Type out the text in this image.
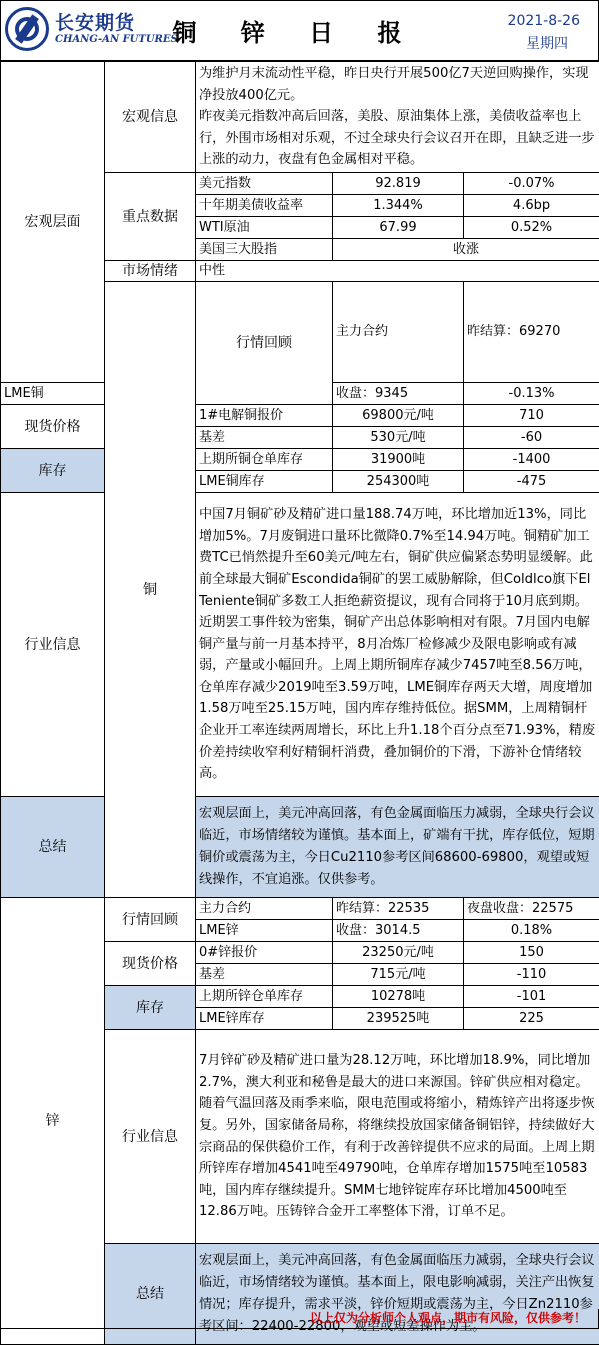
长安期货
CHANG-AN FUTURES
铜 锌 日 报	2021-8-26
星期四
宏观层面	宏观信息	为维护月末流动性平稳，昨日央行开展500亿7天逆回购操作，实现净投放400亿元。
昨夜美元指数冲高后回落，美股、原油集体上涨，美债收益率也上行，外围市场相对乐观，不过全球央行会议召开在即，且缺乏进一步上涨的动力，夜盘有色金属相对平稳。			
	重点数据	美元指数	92.819	-0.07%	
		十年期美债收益率	1.344%	4.6bp	
		WTI原油	67.99	0.52%	
		美国三大股指	收涨		
	市场情绪	中性			
	铜	行情回顾	主力合约	昨结算：69270	
LME铜			收盘：9345	-0.13%	
现货价格		1#电解铜报价	69800元/吨	710	
		基差	530元/吨	-60	
库存		上期所铜仓单库存	31900吨	-1400	
		LME铜库存	254300吨	-475	
行业信息		中国7月铜矿砂及精矿进口量188.74万吨，环比增加近13%，同比增加5%。7月废铜进口量环比微降0.7%至14.94万吨。铜精矿加工费TC已悄然提升至60美元/吨左右，铜矿供应偏紧态势明显缓解。此前全球最大铜矿Escondida铜矿的罢工威胁解除，但Coldlco旗下El Teniente铜矿多数工人拒绝薪资提议，现有合同将于10月底到期。近期罢工事件较为密集，铜矿产出总体影响相对有限。7月国内电解铜产量与前一月基本持平，8月冶炼厂检修减少及限电影响或有减弱，产量或小幅回升。上周上期所铜库存减少7457吨至8.56万吨，仓单库存减少2019吨至3.59万吨，LME铜库存两天大增，周度增加1.58万吨至25.15万吨，国内库存维持低位。据SMM，上周精铜杆企业开工率连续两周增长，环比上升1.18个百分点至71.93%，精废价差持续收窄利好精铜杆消费，叠加铜价的下滑，下游补仓情绪较高。			
总结		宏观层面上，美元冲高回落，有色金属面临压力减弱，全球央行会议临近，市场情绪较为谨慎。基本面上，矿端有干扰，库存低位，短期铜价或震荡为主，今日Cu2110参考区间68600-69800，观望或短线操作，不宜追涨。仅供参考。			
锌	行情回顾	主力合约	昨结算：22535	夜盘收盘：22575	
		LME锌	收盘：3014.5	0.18%	
	现货价格	0#锌报价	23250元/吨	150	
		基差	715元/吨	-110	
	库存	上期所锌仓单库存	10278吨	-101	
		LME锌库存	239525吨	225	
	行业信息	7月锌矿砂及精矿进口量为28.12万吨，环比增加18.9%，同比增加2.7%，澳大利亚和秘鲁是最大的进口来源国。锌矿供应相对稳定。随着气温回落及雨季来临，限电范围或将缩小，精炼锌产出将逐步恢复。另外，国家储备局称，将继续投放国家储备铜铝锌，持续做好大宗商品的保供稳价工作，有利于改善锌提供不应求的局面。上周上期所锌库存增加4541吨至49790吨，仓单库存增加1575吨至10583吨，国内库存继续提升。SMM七地锌锭库存环比增加4500吨至12.86万吨。压铸锌合金开工率整体下滑，订单不足。			
	总结	宏观层面上，美元冲高回落，有色金属面临压力减弱，全球央行会议临近，市场情绪较为谨慎。基本面上，限电影响减弱，关注产出恢复情况；库存提升，需求平淡，锌价短期或震荡为主，今日Zn2110参考区间：22400-22800，观望或短差操作为主。			
以上仅为分析师个人观点，期市有风险，仅供参考！
